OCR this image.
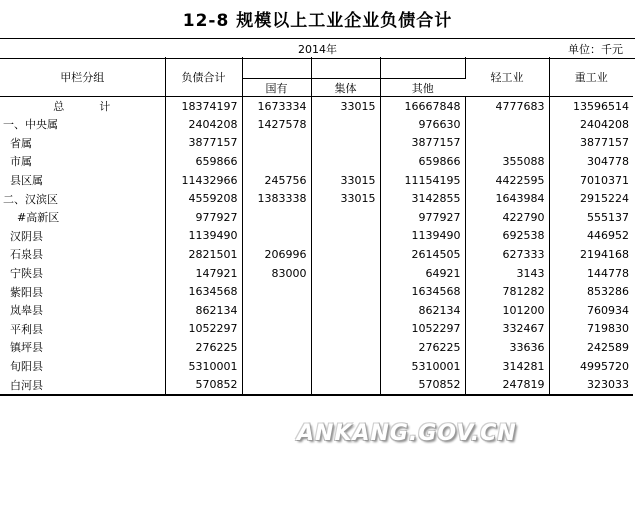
12-8 规模以上工业企业负债合计
2014年	单位：千元
甲栏分组	负债合计				轻工业	重工业
		国有	集体	其他		
总          计	18374197	1673334	33015	16667848	4777683	13596514
一、中央属	2404208	1427578		976630		2404208
省属	3877157			3877157		3877157
市属	659866			659866	355088	304778
县区属	11432966	245756	33015	11154195	4422595	7010371
二、汉滨区	4559208	1383338	33015	3142855	1643984	2915224
#高新区	977927			977927	422790	555137
汉阴县	1139490			1139490	692538	446952
石泉县	2821501	206996		2614505	627333	2194168
宁陕县	147921	83000		64921	3143	144778
紫阳县	1634568			1634568	781282	853286
岚皋县	862134			862134	101200	760934
平利县	1052297			1052297	332467	719830
镇坪县	276225			276225	33636	242589
旬阳县	5310001			5310001	314281	4995720
白河县	570852			570852	247819	323033
ANKANG.GOV.CN
